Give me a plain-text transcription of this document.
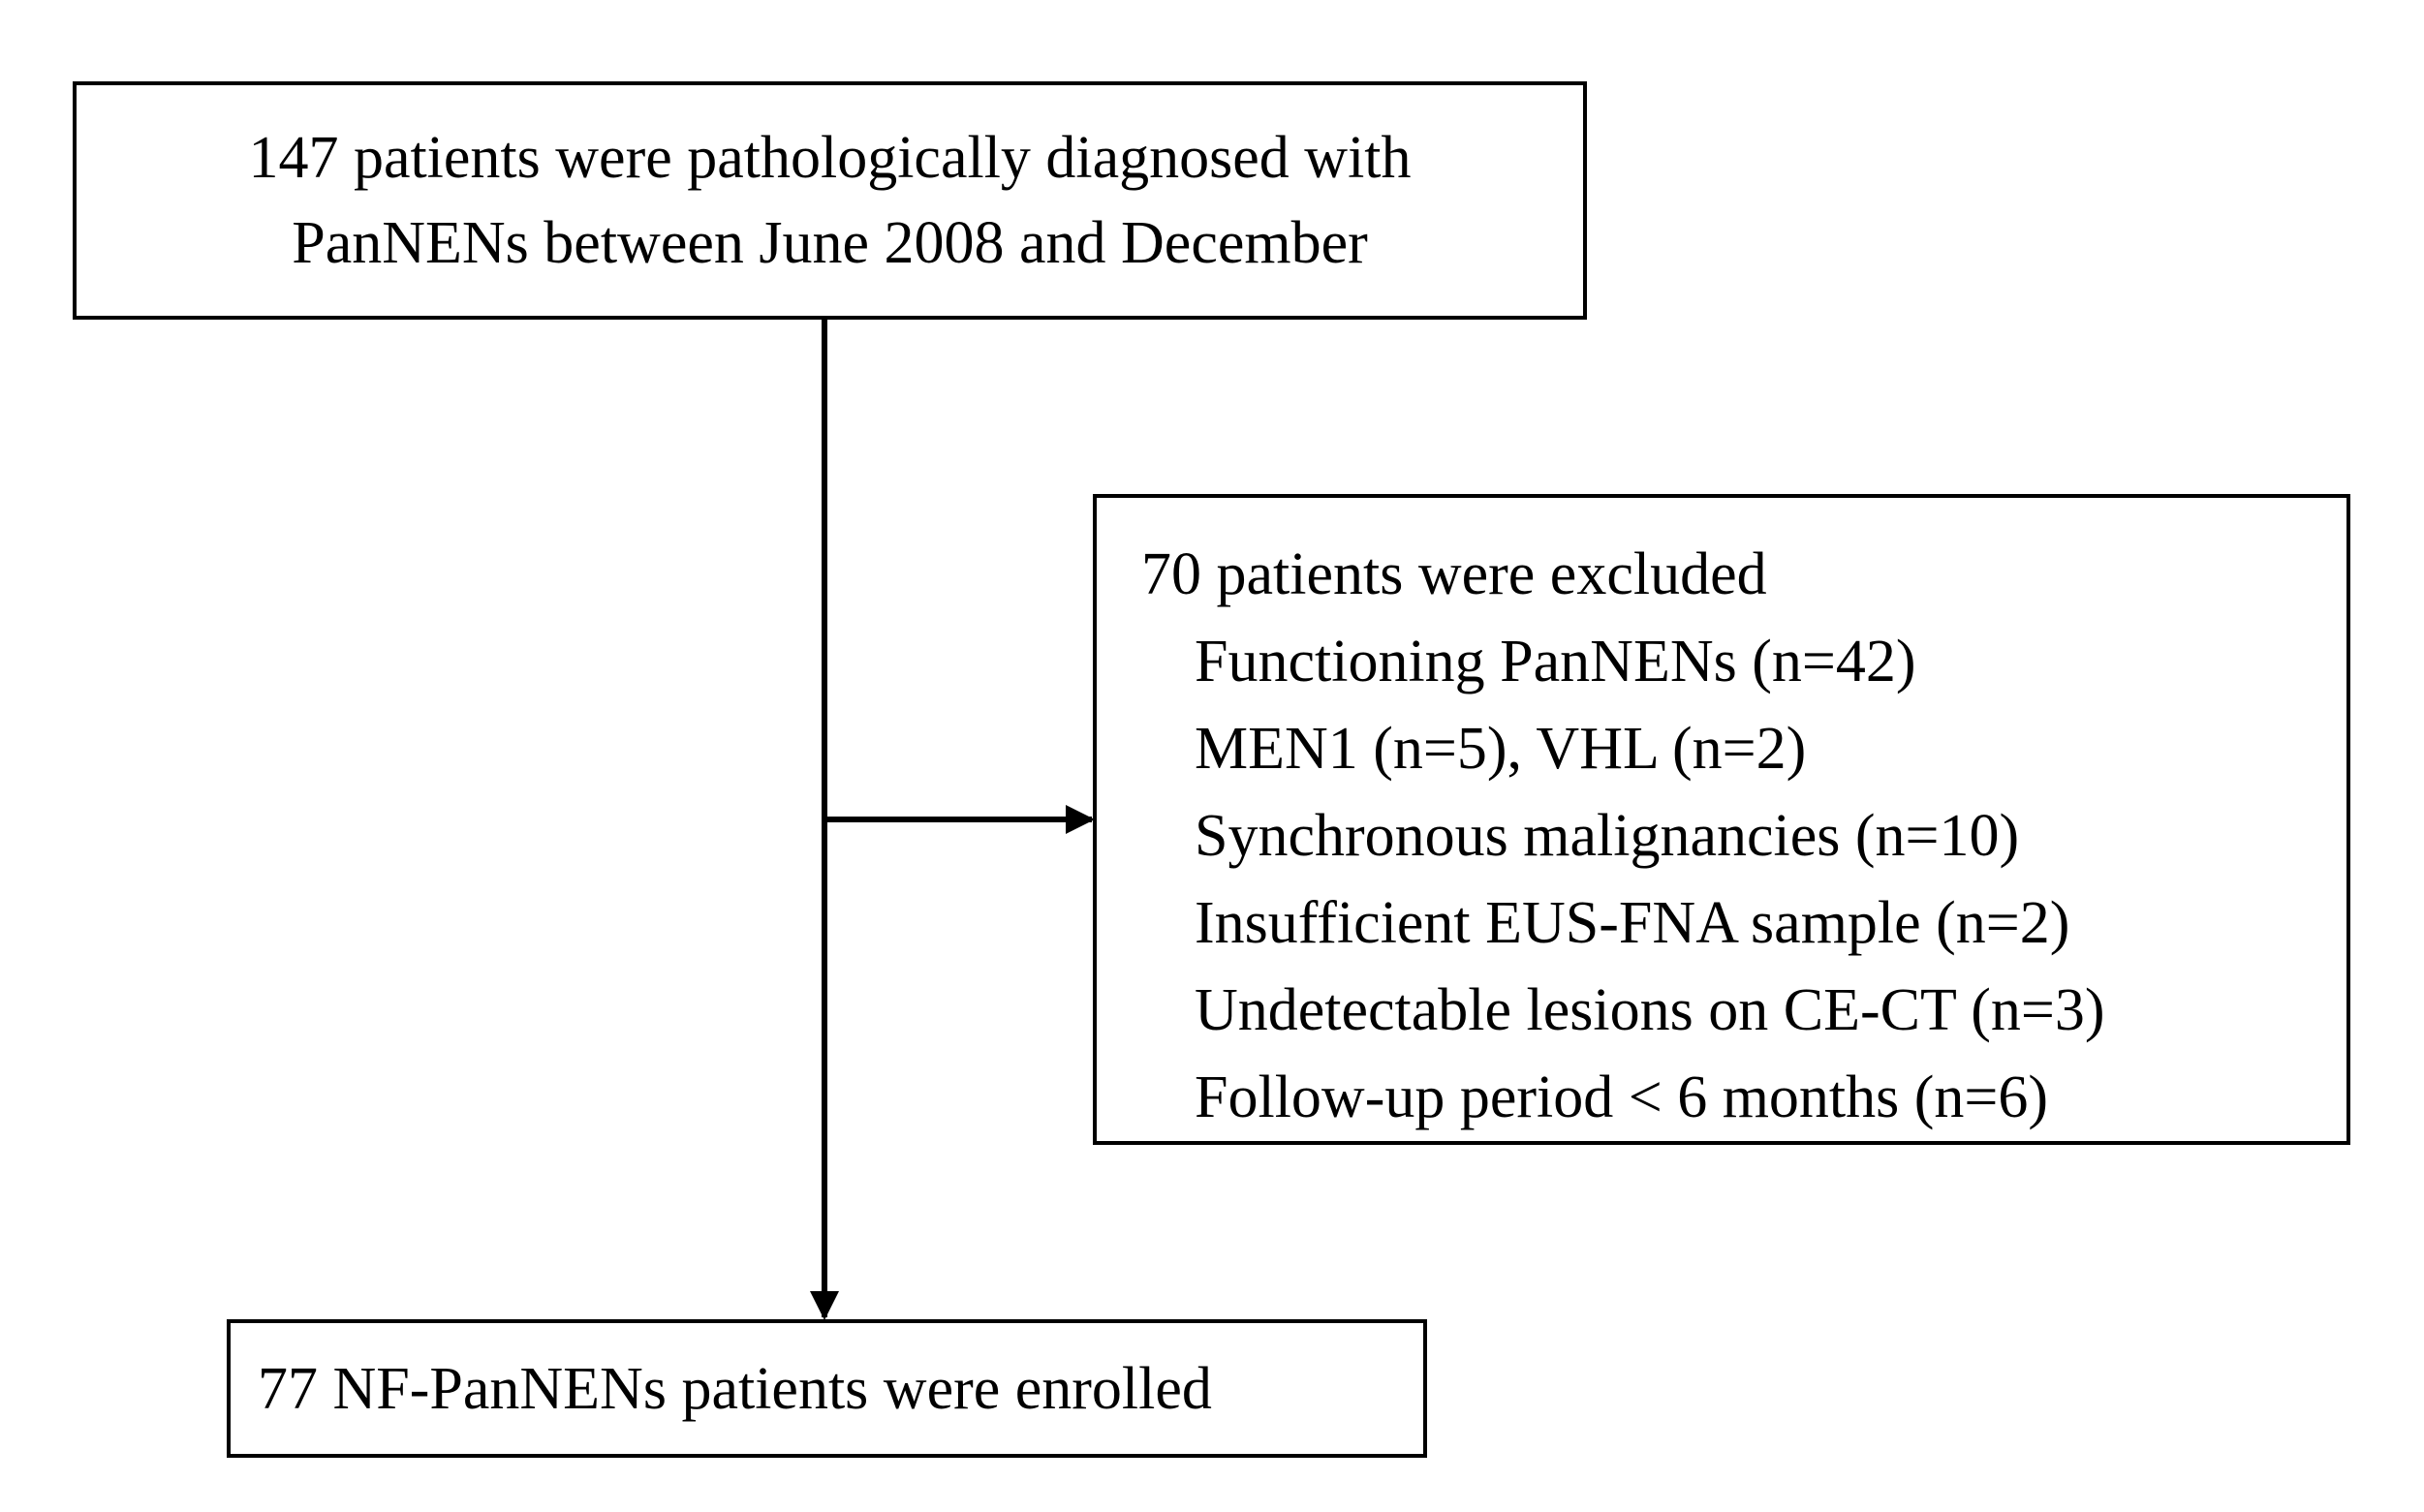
147 patients were pathologically diagnosed with
PanNENs between June 2008 and December
70 patients were excluded
Functioning PanNENs (n=42)
MEN1 (n=5), VHL (n=2)
Synchronous malignancies (n=10)
Insufficient EUS-FNA sample (n=2)
Undetectable lesions on CE-CT (n=3)
Follow-up period < 6 months (n=6)
77 NF-PanNENs patients were enrolled
